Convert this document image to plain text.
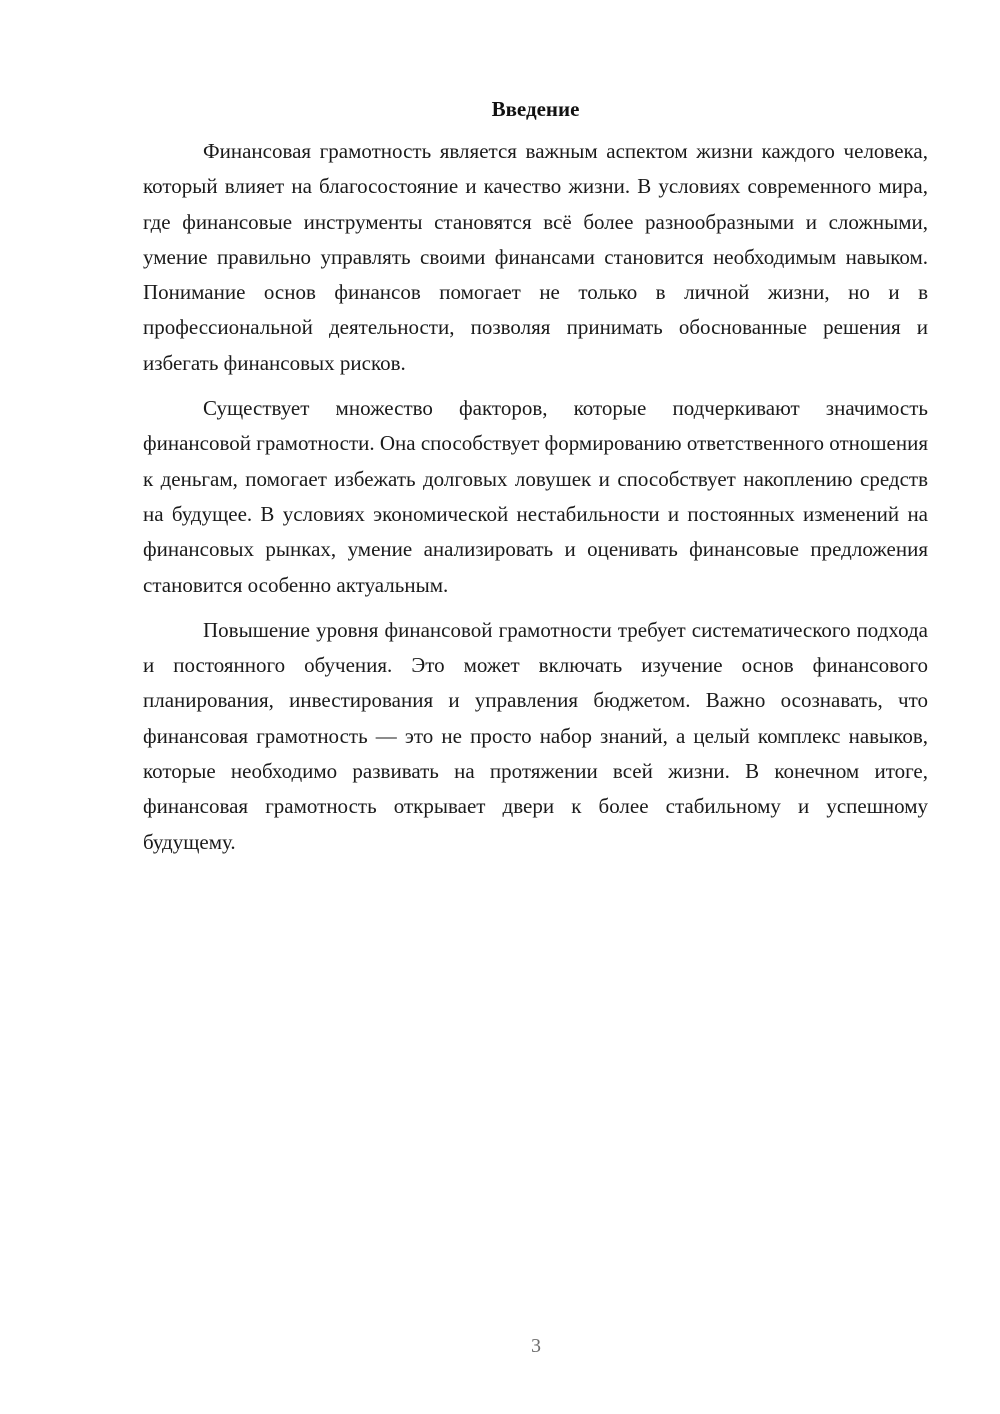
Введение

Финансовая грамотность является важным аспектом жизни каждого человека, который влияет на благосостояние и качество жизни. В условиях современного мира, где финансовые инструменты становятся всё более разнообразными и сложными, умение правильно управлять своими финансами становится необходимым навыком. Понимание основ финансов помогает не только в личной жизни, но и в профессиональной деятельности, позволяя принимать обоснованные решения и избегать финансовых рисков.

Существует множество факторов, которые подчеркивают значимость финансовой грамотности. Она способствует формированию ответственного отношения к деньгам, помогает избежать долговых ловушек и способствует накоплению средств на будущее. В условиях экономической нестабильности и постоянных изменений на финансовых рынках, умение анализировать и оценивать финансовые предложения становится особенно актуальным.

Повышение уровня финансовой грамотности требует систематического подхода и постоянного обучения. Это может включать изучение основ финансового планирования, инвестирования и управления бюджетом. Важно осознавать, что финансовая грамотность — это не просто набор знаний, а целый комплекс навыков, которые необходимо развивать на протяжении всей жизни. В конечном итоге, финансовая грамотность открывает двери к более стабильному и успешному будущему.

3
